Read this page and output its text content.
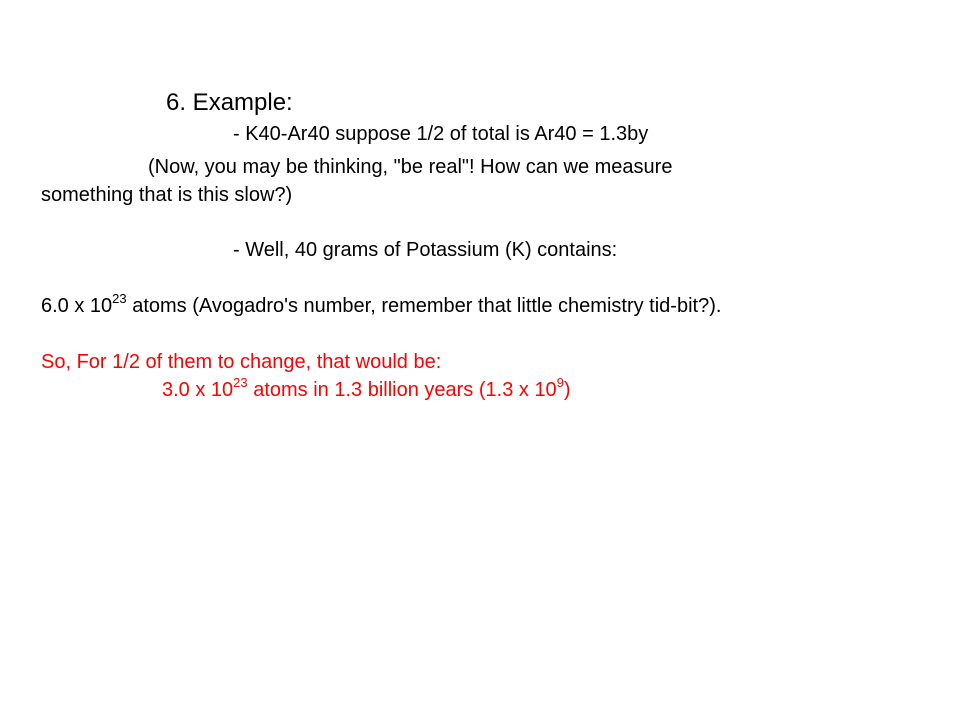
6. Example:
- K40-Ar40 suppose 1/2 of total is Ar40 = 1.3by
(Now, you may be thinking, "be real"! How can we measure
something that is this slow?)
- Well, 40 grams of Potassium (K) contains:
6.0 x $10^{23}$ atoms (Avogadro's number, remember that little chemistry tid-bit?).
So, For 1/2 of them to change, that would be:
3.0 x $10^{23}$ atoms in 1.3 billion years (1.3 x $10^9$)
